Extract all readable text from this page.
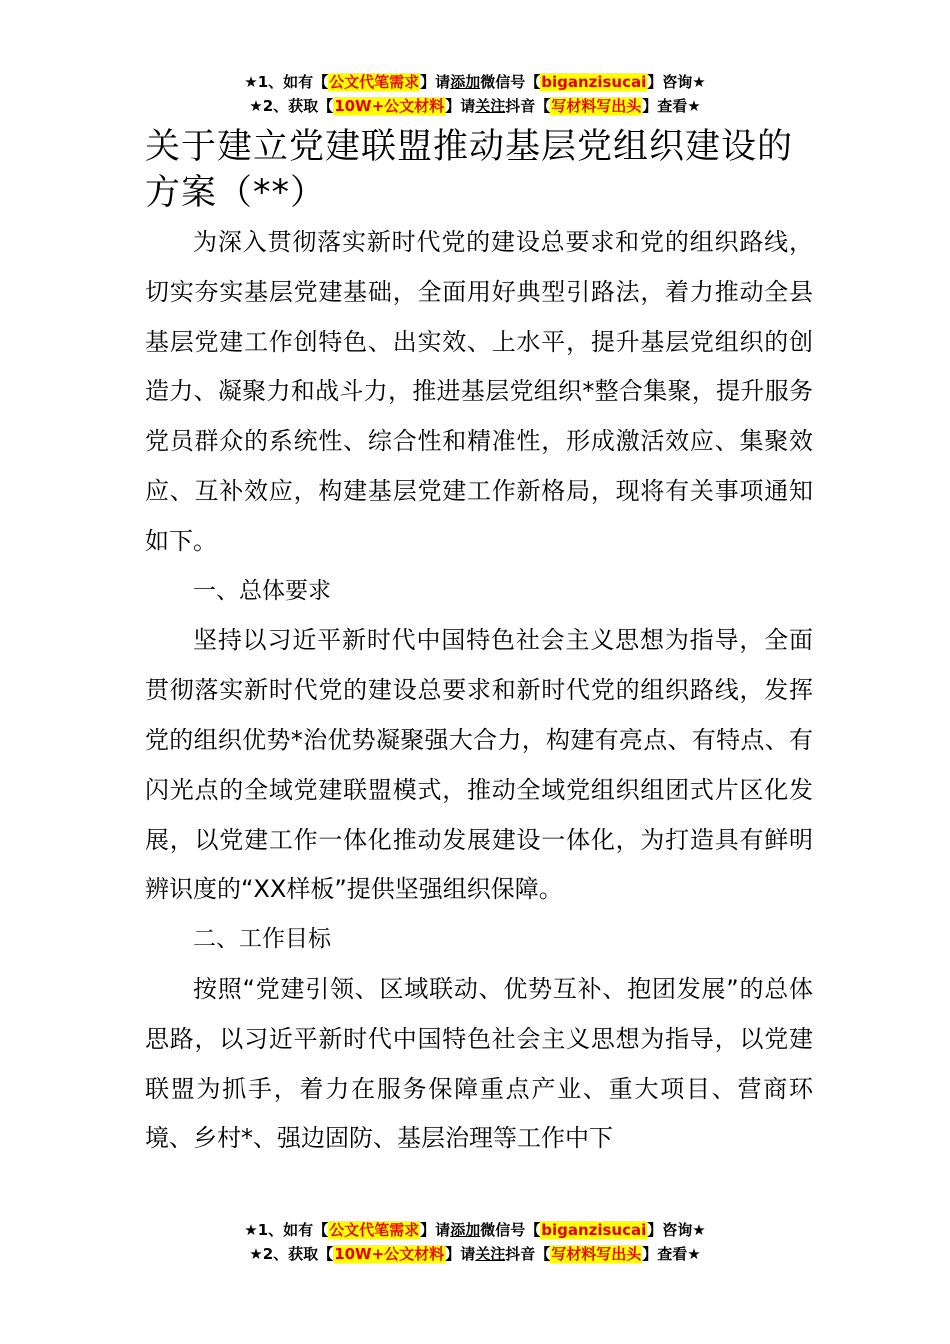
★1、如有【公文代笔需求】请添加微信号【biganzisucai】咨询★
★2、获取【10W+公文材料】请关注抖音【写材料写出头】查看★
关于建立党建联盟推动基层党组织建设的方案（**）

为深入贯彻落实新时代党的建设总要求和党的组织路线，切实夯实基层党建基础，全面用好典型引路法，着力推动全县基层党建工作创特色、出实效、上水平，提升基层党组织的创造力、凝聚力和战斗力，推进基层党组织*整合集聚，提升服务党员群众的系统性、综合性和精准性，形成激活效应、集聚效应、互补效应，构建基层党建工作新格局，现将有关事项通知如下。

一、总体要求

坚持以习近平新时代中国特色社会主义思想为指导，全面贯彻落实新时代党的建设总要求和新时代党的组织路线，发挥党的组织优势*治优势凝聚强大合力，构建有亮点、有特点、有闪光点的全域党建联盟模式，推动全域党组织组团式片区化发展，以党建工作一体化推动发展建设一体化，为打造具有鲜明辨识度的“XX样板”提供坚强组织保障。

二、工作目标

按照“党建引领、区域联动、优势互补、抱团发展”的总体思路，以习近平新时代中国特色社会主义思想为指导，以党建联盟为抓手，着力在服务保障重点产业、重大项目、营商环境、乡村*、强边固防、基层治理等工作中下

★1、如有【公文代笔需求】请添加微信号【biganzisucai】咨询★
★2、获取【10W+公文材料】请关注抖音【写材料写出头】查看★
